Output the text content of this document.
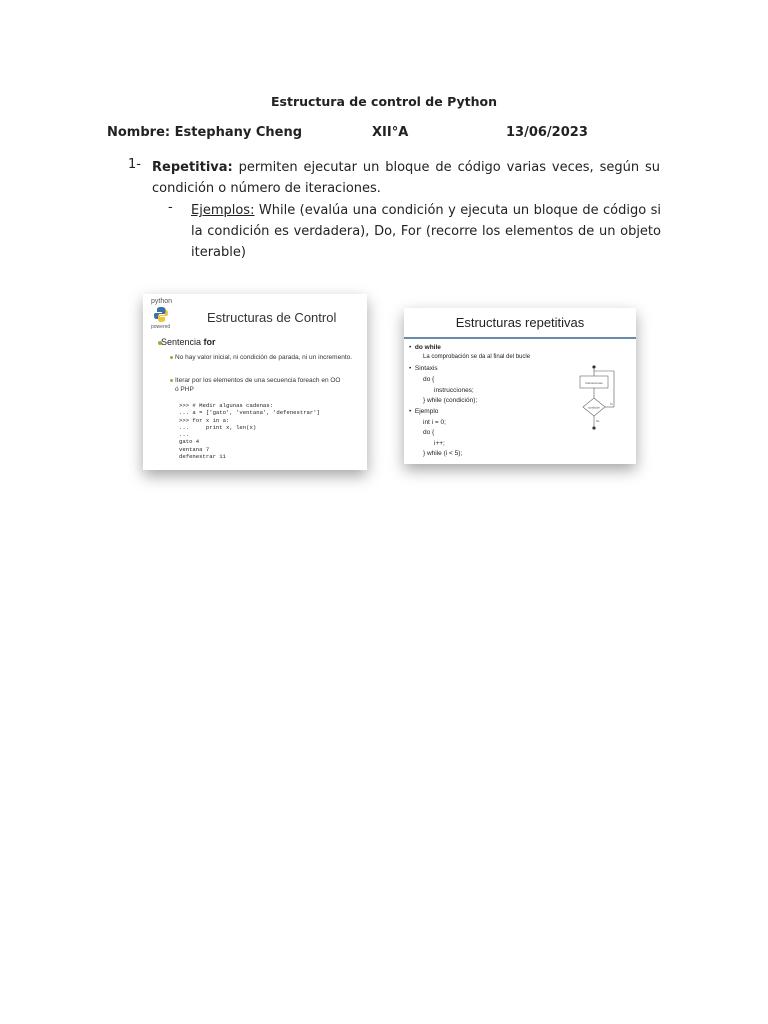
Estructura de control de Python
Nombre: Estephany Cheng	XII°A	13/06/2023
1- Repetitiva: permiten ejecutar un bloque de código varias veces, según su condición o número de iteraciones.
- Ejemplos: While (evalúa una condición y ejecuta un bloque de código si la condición es verdadera), Do, For (recorre los elementos de un objeto iterable)
python
powered
Estructuras de Control
Sentencia for
No hay valor inicial, ni condición de parada, ni un incremento.
Iterar por los elementos de una secuencia foreach en OO ó PHP
>>> # Medir algunas cadenas:
... a = ['gato', 'ventana', 'defenestrar']
>>> for x in a:
...     print x, len(x)
...
gato 4
ventana 7
defenestrar 11
Estructuras repetitivas
•  do while
La comprobación se da al final del bucle
•  Sintaxis
do {
instrucciones;
} while (condición);
•  Ejemplo
int i = 0;
do {
i++;
} while (i < 5);
instrucciones
condición
Sí
No
